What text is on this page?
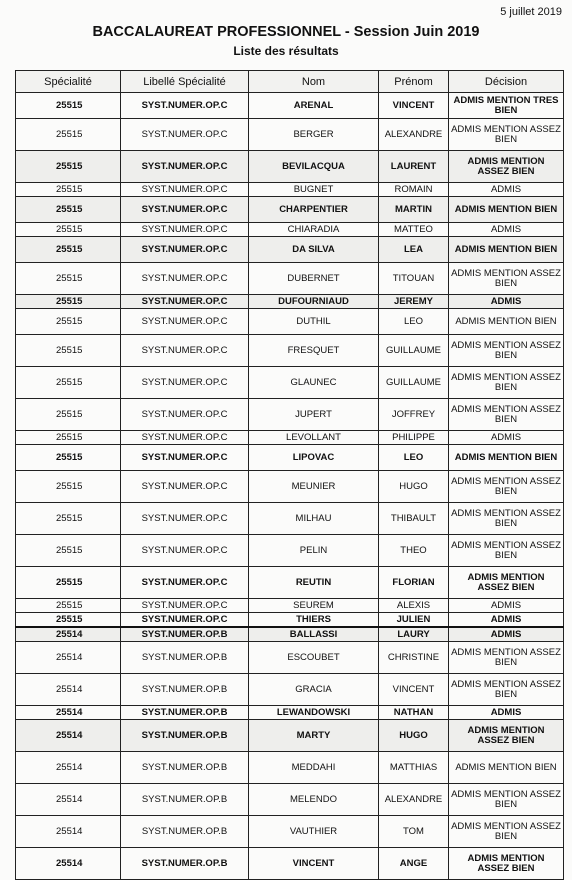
5 juillet 2019
BACCALAUREAT PROFESSIONNEL - Session Juin 2019
Liste des résultats
Spécialité	Libellé Spécialité	Nom	Prénom	Décision
25515	SYST.NUMER.OP.C	ARENAL	VINCENT	ADMIS MENTION TRES BIEN
25515	SYST.NUMER.OP.C	BERGER	ALEXANDRE	ADMIS MENTION ASSEZ BIEN
25515	SYST.NUMER.OP.C	BEVILACQUA	LAURENT	ADMIS MENTION ASSEZ BIEN
25515	SYST.NUMER.OP.C	BUGNET	ROMAIN	ADMIS
25515	SYST.NUMER.OP.C	CHARPENTIER	MARTIN	ADMIS MENTION BIEN
25515	SYST.NUMER.OP.C	CHIARADIA	MATTEO	ADMIS
25515	SYST.NUMER.OP.C	DA SILVA	LEA	ADMIS MENTION BIEN
25515	SYST.NUMER.OP.C	DUBERNET	TITOUAN	ADMIS MENTION ASSEZ BIEN
25515	SYST.NUMER.OP.C	DUFOURNIAUD	JEREMY	ADMIS
25515	SYST.NUMER.OP.C	DUTHIL	LEO	ADMIS MENTION BIEN
25515	SYST.NUMER.OP.C	FRESQUET	GUILLAUME	ADMIS MENTION ASSEZ BIEN
25515	SYST.NUMER.OP.C	GLAUNEC	GUILLAUME	ADMIS MENTION ASSEZ BIEN
25515	SYST.NUMER.OP.C	JUPERT	JOFFREY	ADMIS MENTION ASSEZ BIEN
25515	SYST.NUMER.OP.C	LEVOLLANT	PHILIPPE	ADMIS
25515	SYST.NUMER.OP.C	LIPOVAC	LEO	ADMIS MENTION BIEN
25515	SYST.NUMER.OP.C	MEUNIER	HUGO	ADMIS MENTION ASSEZ BIEN
25515	SYST.NUMER.OP.C	MILHAU	THIBAULT	ADMIS MENTION ASSEZ BIEN
25515	SYST.NUMER.OP.C	PELIN	THEO	ADMIS MENTION ASSEZ BIEN
25515	SYST.NUMER.OP.C	REUTIN	FLORIAN	ADMIS MENTION ASSEZ BIEN
25515	SYST.NUMER.OP.C	SEUREM	ALEXIS	ADMIS
25515	SYST.NUMER.OP.C	THIERS	JULIEN	ADMIS
25514	SYST.NUMER.OP.B	BALLASSI	LAURY	ADMIS
25514	SYST.NUMER.OP.B	ESCOUBET	CHRISTINE	ADMIS MENTION ASSEZ BIEN
25514	SYST.NUMER.OP.B	GRACIA	VINCENT	ADMIS MENTION ASSEZ BIEN
25514	SYST.NUMER.OP.B	LEWANDOWSKI	NATHAN	ADMIS
25514	SYST.NUMER.OP.B	MARTY	HUGO	ADMIS MENTION ASSEZ BIEN
25514	SYST.NUMER.OP.B	MEDDAHI	MATTHIAS	ADMIS MENTION BIEN
25514	SYST.NUMER.OP.B	MELENDO	ALEXANDRE	ADMIS MENTION ASSEZ BIEN
25514	SYST.NUMER.OP.B	VAUTHIER	TOM	ADMIS MENTION ASSEZ BIEN
25514	SYST.NUMER.OP.B	VINCENT	ANGE	ADMIS MENTION ASSEZ BIEN
